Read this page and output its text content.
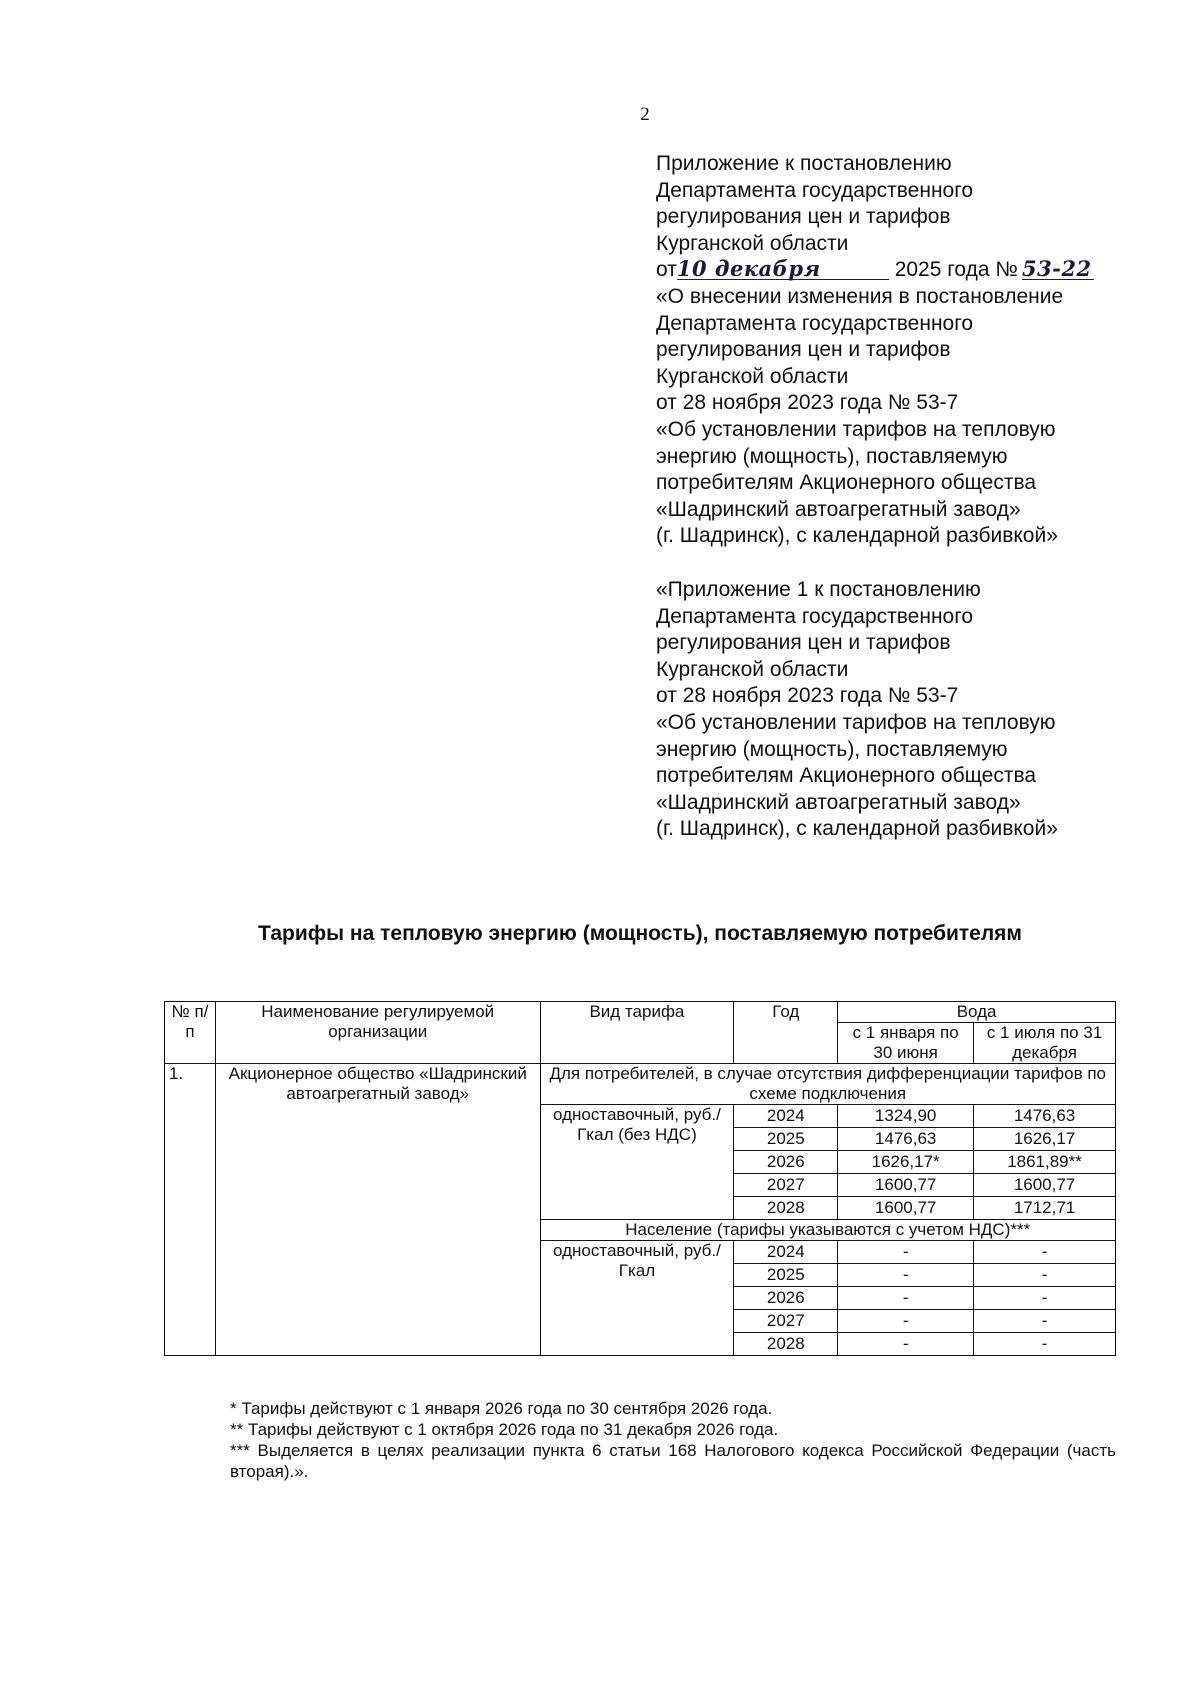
2
Приложение к постановлению
Департамента государственного
регулирования цен и тарифов
Курганской области
от10 декабря	2025 года № 53-22
«О внесении изменения в постановление
Департамента государственного
регулирования цен и тарифов
Курганской области
от 28 ноября 2023 года № 53-7
«Об установлении тарифов на тепловую
энергию (мощность), поставляемую
потребителям Акционерного общества
«Шадринский автоагрегатный завод»
(г. Шадринск), с календарной разбивкой»
«Приложение 1 к постановлению
Департамента государственного
регулирования цен и тарифов
Курганской области
от 28 ноября 2023 года № 53-7
«Об установлении тарифов на тепловую
энергию (мощность), поставляемую
потребителям Акционерного общества
«Шадринский автоагрегатный завод»
(г. Шадринск), с календарной разбивкой»
Тарифы на тепловую энергию (мощность), поставляемую потребителям
№ п/п	Наименование регулируемой организации	Вид тарифа	Год	Вода	
				с 1 января по 30 июня	с 1 июля по 31 декабря
1.	Акционерное общество «Шадринский автоагрегатный завод»	Для потребителей, в случае отсутствия дифференциации тарифов по схеме подключения			
		одноставочный, руб./Гкал (без НДС)	2024	1324,90	1476,63
			2025	1476,63	1626,17
			2026	1626,17*	1861,89**
			2027	1600,77	1600,77
			2028	1600,77	1712,71
		Население (тарифы указываются с учетом НДС)***			
		одноставочный, руб./Гкал	2024	-	-
			2025	-	-
			2026	-	-
			2027	-	-
			2028	-	-
* Тарифы действуют с 1 января 2026 года по 30 сентября 2026 года.
** Тарифы действуют с 1 октября 2026 года по 31 декабря 2026 года.
*** Выделяется в целях реализации пункта 6 статьи 168 Налогового кодекса Российской Федерации (часть вторая).».
